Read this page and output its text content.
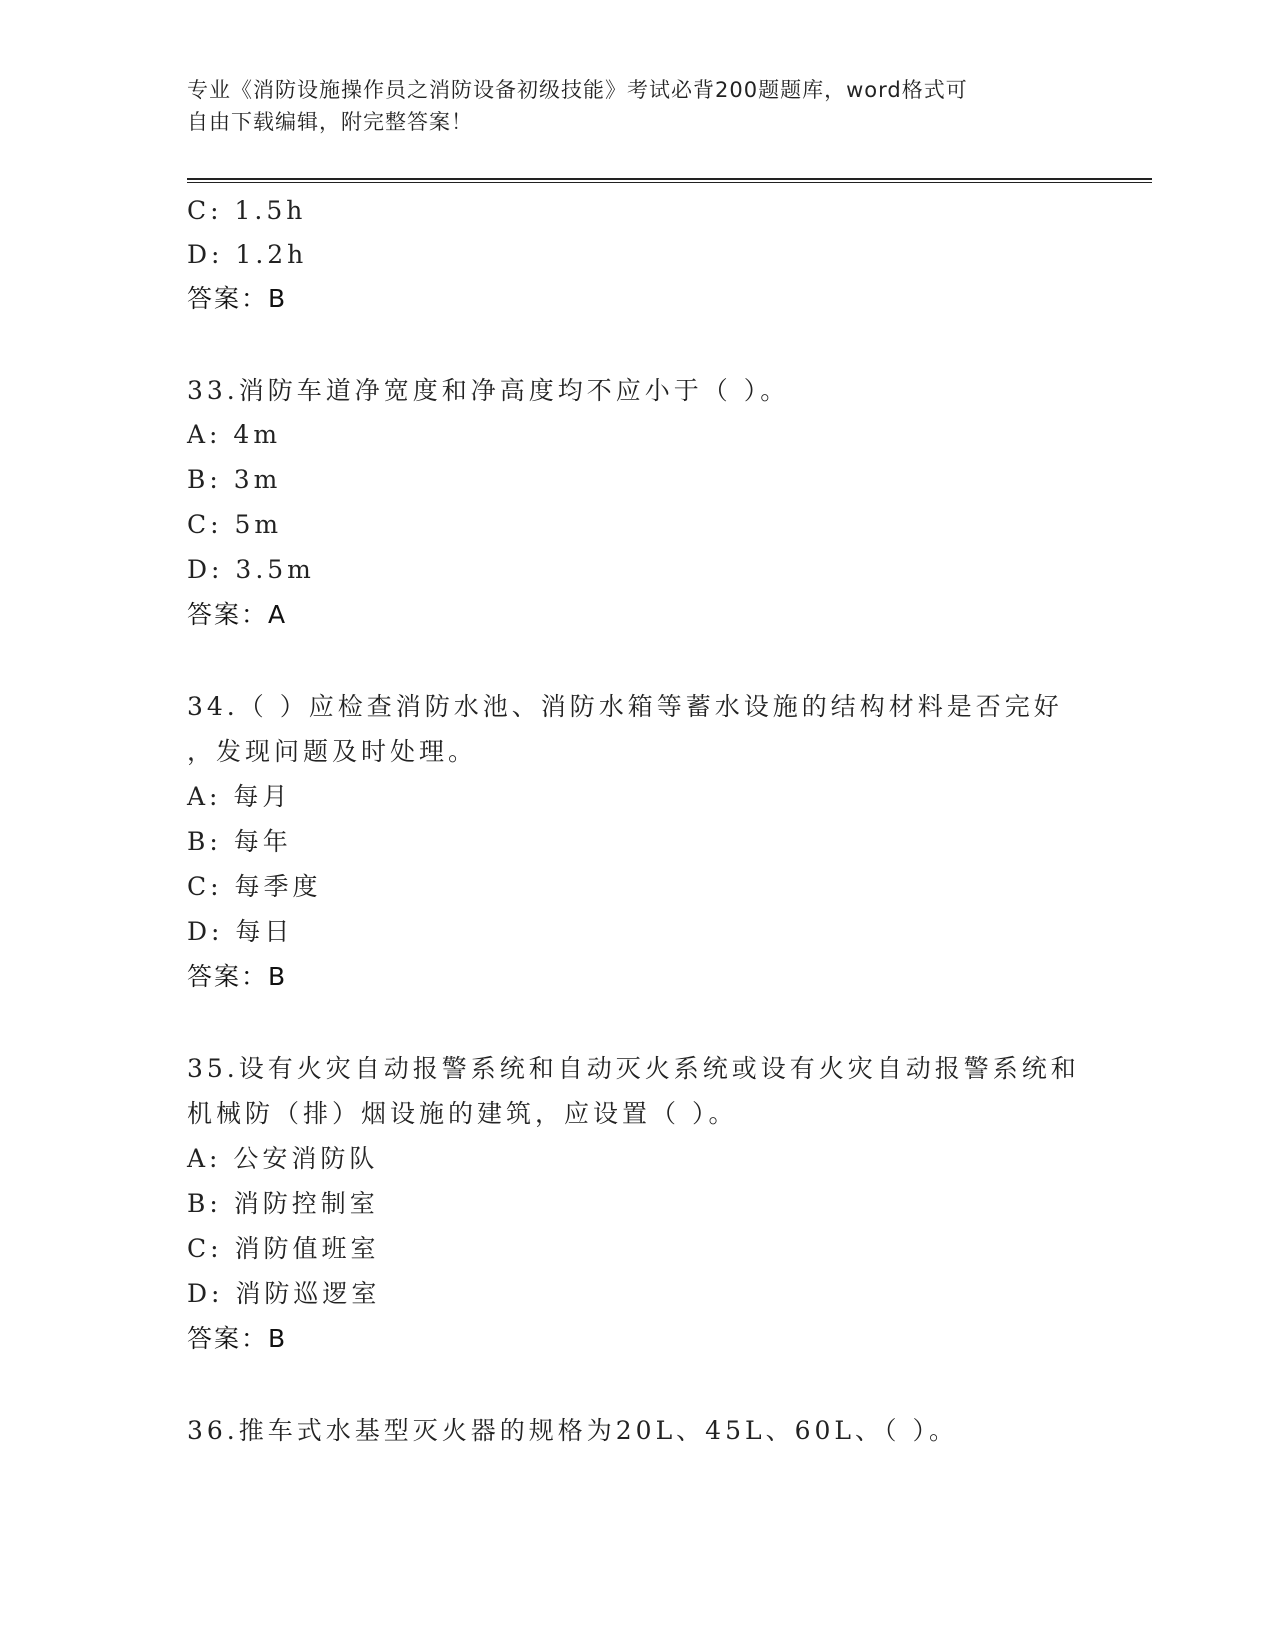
专业《消防设施操作员之消防设备初级技能》考试必背200题题库，word格式可
自由下载编辑，附完整答案！
C: 1.5h
D: 1.2h
答案：B
33.消防车道净宽度和净高度均不应小于（ ）。
A: 4m
B: 3m
C: 5m
D: 3.5m
答案：A
34.（ ）应检查消防水池、消防水箱等蓄水设施的结构材料是否完好
，发现问题及时处理。
A: 每月
B: 每年
C: 每季度
D: 每日
答案：B
35.设有火灾自动报警系统和自动灭火系统或设有火灾自动报警系统和
机械防（排）烟设施的建筑，应设置（ ）。
A: 公安消防队
B: 消防控制室
C: 消防值班室
D: 消防巡逻室
答案：B
36.推车式水基型灭火器的规格为20L、45L、60L、（ ）。
